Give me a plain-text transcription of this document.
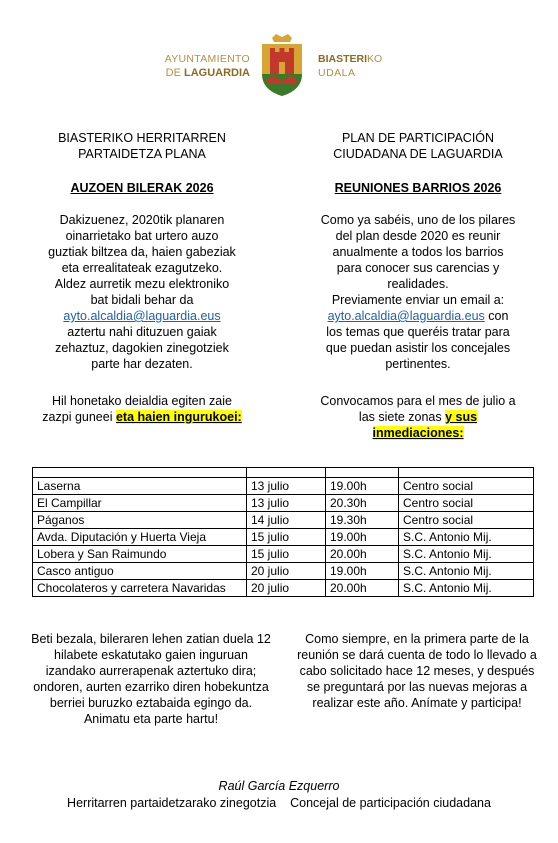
AYUNTAMIENTO
DE LAGUARDIA
BIASTERIKO
UDALA
BIASTERIKO HERRITARREN
PARTAIDETZA PLANA
AUZOEN BILERAK 2026
Dakizuenez, 2020tik planaren
oinarrietako bat urtero auzo
guztiak biltzea da, haien gabeziak
eta errealitateak ezagutzeko.
Aldez aurretik mezu elektroniko
bat bidali behar da
ayto.alcaldia@laguardia.eus
aztertu nahi dituzuen gaiak
zehaztuz, dagokien zinegotziek
parte har dezaten.
Hil honetako deialdia egiten zaie
zazpi guneei eta haien ingurukoei:
PLAN DE PARTICIPACIÓN
CIUDADANA DE LAGUARDIA
REUNIONES BARRIOS 2026
Como ya sabéis, uno de los pilares
del plan desde 2020 es reunir
anualmente a todos los barrios
para conocer sus carencias y
realidades.
Previamente enviar un email a:
ayto.alcaldia@laguardia.eus con
los temas que queréis tratar para
que puedan asistir los concejales
pertinentes.
Convocamos para el mes de julio a
las siete zonas y sus
inmediaciones:

Laserna	13 julio	19.00h	Centro social
El Campillar	13 julio	20.30h	Centro social
Páganos	14 julio	19.30h	Centro social
Avda. Diputación y Huerta Vieja	15 julio	19.00h	S.C. Antonio Mij.
Lobera y San Raimundo	15 julio	20.00h	S.C. Antonio Mij.
Casco antiguo	20 julio	19.00h	S.C. Antonio Mij.
Chocolateros y carretera Navaridas	20 julio	20.00h	S.C. Antonio Mij.
Beti bezala, bileraren lehen zatian duela 12
hilabete eskatutako gaien inguruan
izandako aurrerapenak aztertuko dira;
ondoren, aurten ezarriko diren hobekuntza
berriei buruzko eztabaida egingo da.
Animatu eta parte hartu!
Como siempre, en la primera parte de la
reunión se dará cuenta de todo lo llevado a
cabo solicitado hace 12 meses, y después
se preguntará por las nuevas mejoras a
realizar este año. Anímate y participa!
Raúl García Ezquerro
Herritarren partaidetzarako zinegotzia Concejal de participación ciudadana
